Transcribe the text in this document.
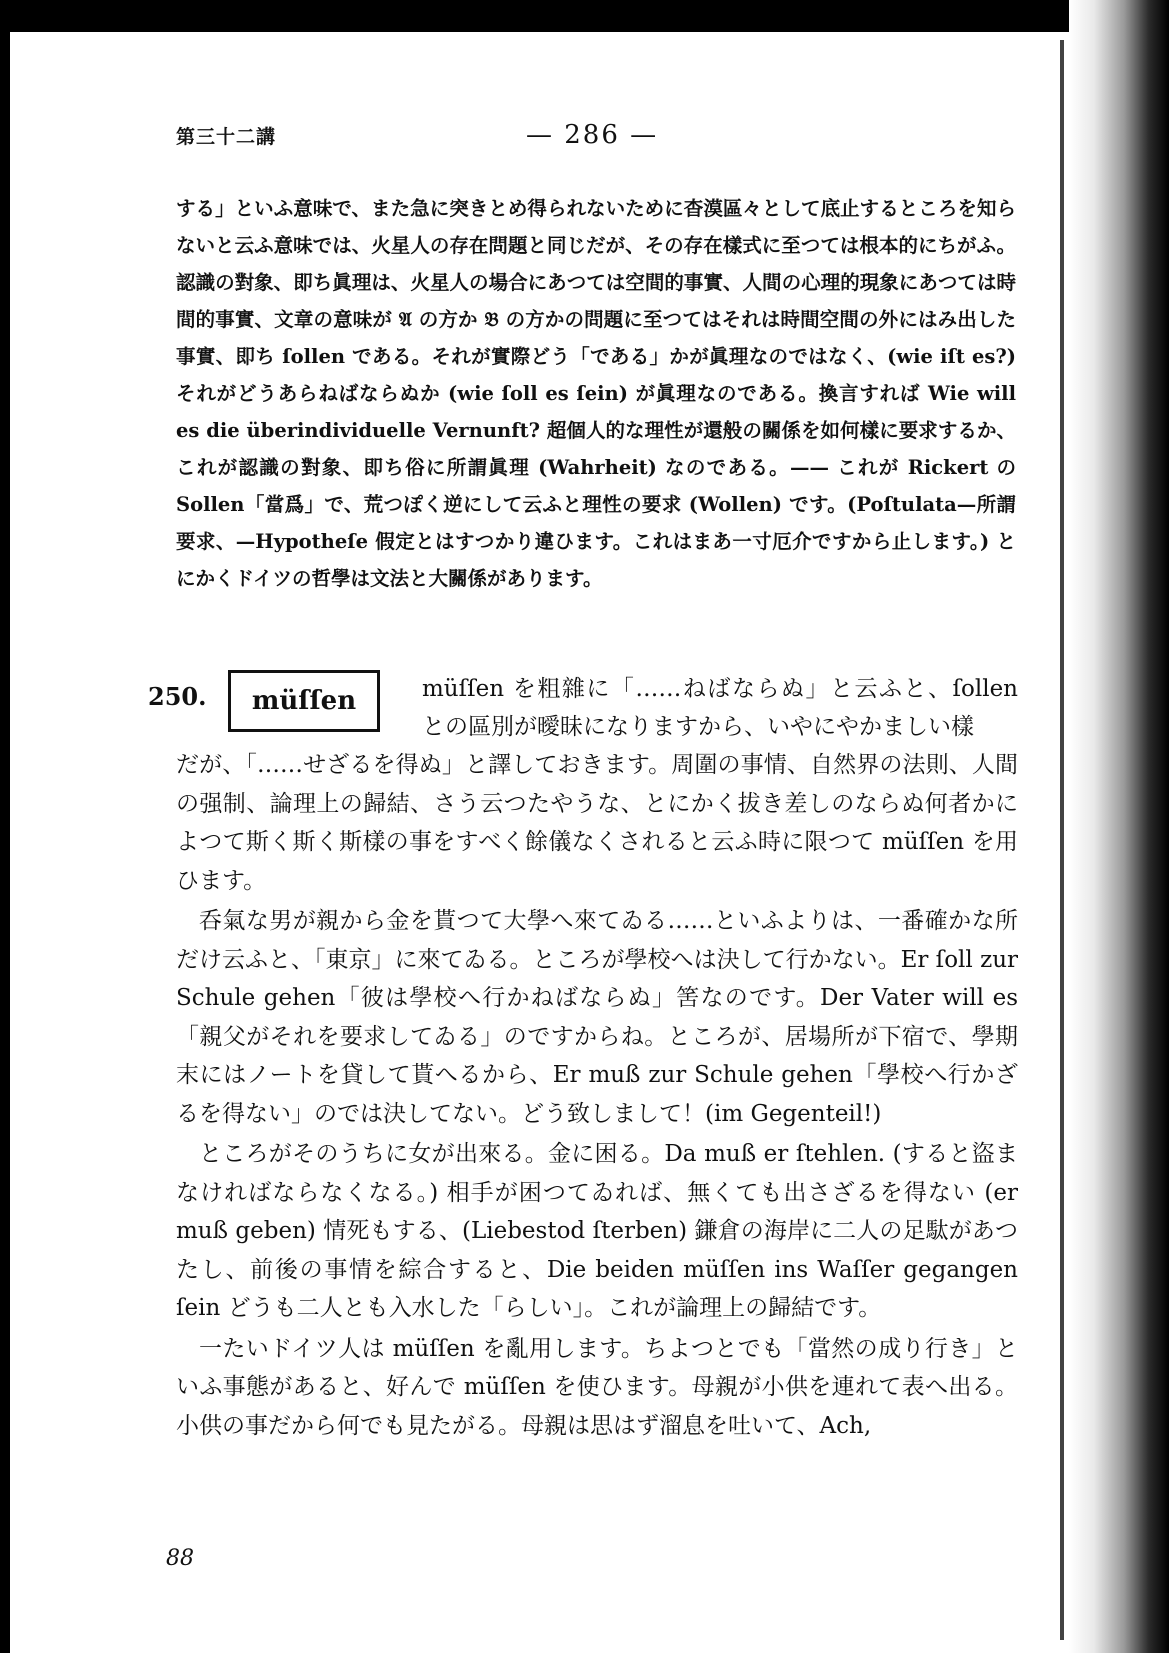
第三十二講	— 286 —
する」といふ意味で、また急に突きとめ得られないために杳漠區々として底止するところを知らないと云ふ意味では、火星人の存在問題と同じだが、その存在樣式に至つては根本的にちがふ。認識の對象、即ち眞理は、火星人の場合にあつては空間的事實、人間の心理的現象にあつては時間的事實、文章の意味が 𝔄 の方か 𝔅 の方かの問題に至つてはそれは時間空間の外にはみ出した事實、即ち ſollen である。それが實際どう「である」かが眞理なのではなく、(wie iſt es?) それがどうあらねばならぬか (wie ſoll es ſein) が眞理なのである。換言すれば Wie will es die überindividuelle Vernunft? 超個人的な理性が還般の關係を如何樣に要求するか、これが認識の對象、即ち俗に所謂眞理 (Wahrheit) なのである。—— これが Rickert の Sollen「當爲」で、荒つぽく逆にして云ふと理性の要求 (Wollen) です。(Poſtulata—所謂要求、—Hypotheſe 假定とはすつかり違ひます。これはまあ一寸厄介ですから止します。) とにかくドイツの哲學は文法と大關係があります。
250. müſſen	müſſen を粗雜に「……ねばならぬ」と云ふと、ſollen との區別が曖昧になりますから、いやにやかましい樣

だが、「……せざるを得ぬ」と譯しておきます。周圍の事情、自然界の法則、人間の强制、論理上の歸結、さう云つたやうな、とにかく拔き差しのならぬ何者かによつて斯く斯く斯樣の事をすべく餘儀なくされると云ふ時に限つて müſſen を用ひます。

呑氣な男が親から金を貰つて大學へ來てゐる……といふよりは、一番確かな所だけ云ふと、「東京」に來てゐる。ところが學校へは決して行かない。Er ſoll zur Schule gehen「彼は學校へ行かねばならぬ」筈なのです。Der Vater will es「親父がそれを要求してゐる」のですからね。ところが、居場所が下宿で、學期末にはノートを貸して貰へるから、Er muß zur Schule gehen「學校へ行かざるを得ない」のでは決してない。どう致しまして！(im Gegenteil!)

ところがそのうちに女が出來る。金に困る。Da muß er ſtehlen. (すると盜まなければならなくなる。) 相手が困つてゐれば、無くても出さざるを得ない (er muß geben) 情死もする、(Liebestod ſterben) 鎌倉の海岸に二人の足駄があつたし、前後の事情を綜合すると、Die beiden müſſen ins Waſſer gegangen ſein どうも二人とも入水した「らしい」。これが論理上の歸結です。

一たいドイツ人は müſſen を亂用します。ちよつとでも「當然の成り行き」といふ事態があると、好んで müſſen を使ひます。母親が小供を連れて表へ出る。小供の事だから何でも見たがる。母親は思はず溜息を吐いて、Ach,

88
